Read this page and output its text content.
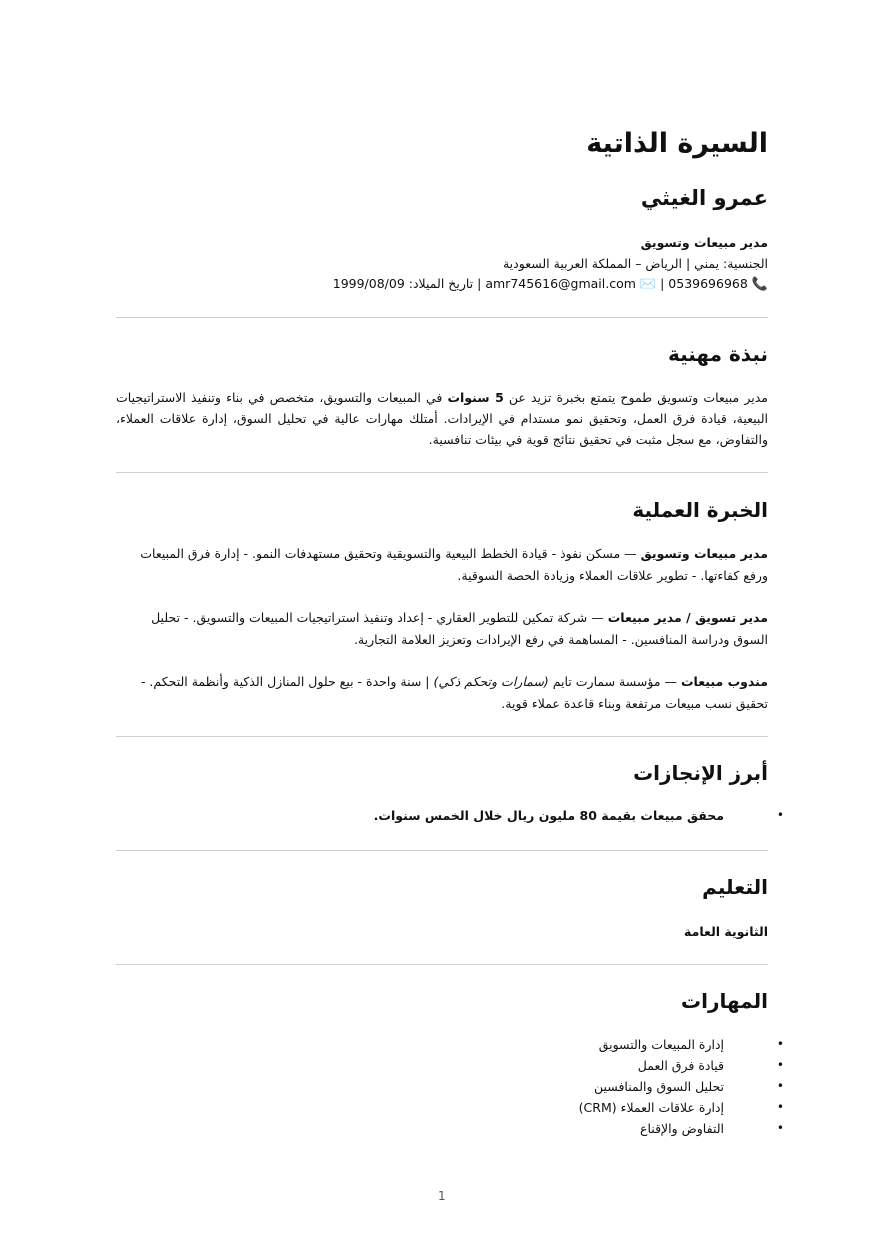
السيرة الذاتية
عمرو الغيثي
مدير مبيعات وتسويق
الجنسية: يمني | الرياض – المملكة العربية السعودية
📞 0539696968 | ✉️ amr745616@gmail.com | تاريخ الميلاد: 1999/08/09
نبذة مهنية

مدير مبيعات وتسويق طموح يتمتع بخبرة تزيد عن 5 سنوات في المبيعات والتسويق، متخصص في بناء وتنفيذ الاستراتيجيات البيعية، قيادة فرق العمل، وتحقيق نمو مستدام في الإيرادات. أمتلك مهارات عالية في تحليل السوق، إدارة علاقات العملاء، والتفاوض، مع سجل مثبت في تحقيق نتائج قوية في بيئات تنافسية.

الخبرة العملية

مدير مبيعات وتسويق — مسكن نفوذ - قيادة الخطط البيعية والتسويقية وتحقيق مستهدفات النمو. - إدارة فرق المبيعات ورفع كفاءتها. - تطوير علاقات العملاء وزيادة الحصة السوقية.

مدير تسويق / مدير مبيعات — شركة تمكين للتطوير العقاري - إعداد وتنفيذ استراتيجيات المبيعات والتسويق. - تحليل السوق ودراسة المنافسين. - المساهمة في رفع الإيرادات وتعزيز العلامة التجارية.

مندوب مبيعات — مؤسسة سمارت تايم (سمارات وتحكم ذكي) | سنة واحدة - بيع حلول المنازل الذكية وأنظمة التحكم. - تحقيق نسب مبيعات مرتفعة وبناء قاعدة عملاء قوية.

أبرز الإنجازات
•
محقق مبيعات بقيمة 80 مليون ريال خلال الخمس سنوات.
التعليم
الثانوية العامة
المهارات
•
إدارة المبيعات والتسويق
•
قيادة فرق العمل
•
تحليل السوق والمنافسين
•
إدارة علاقات العملاء (CRM)
•
التفاوض والإقناع
1
